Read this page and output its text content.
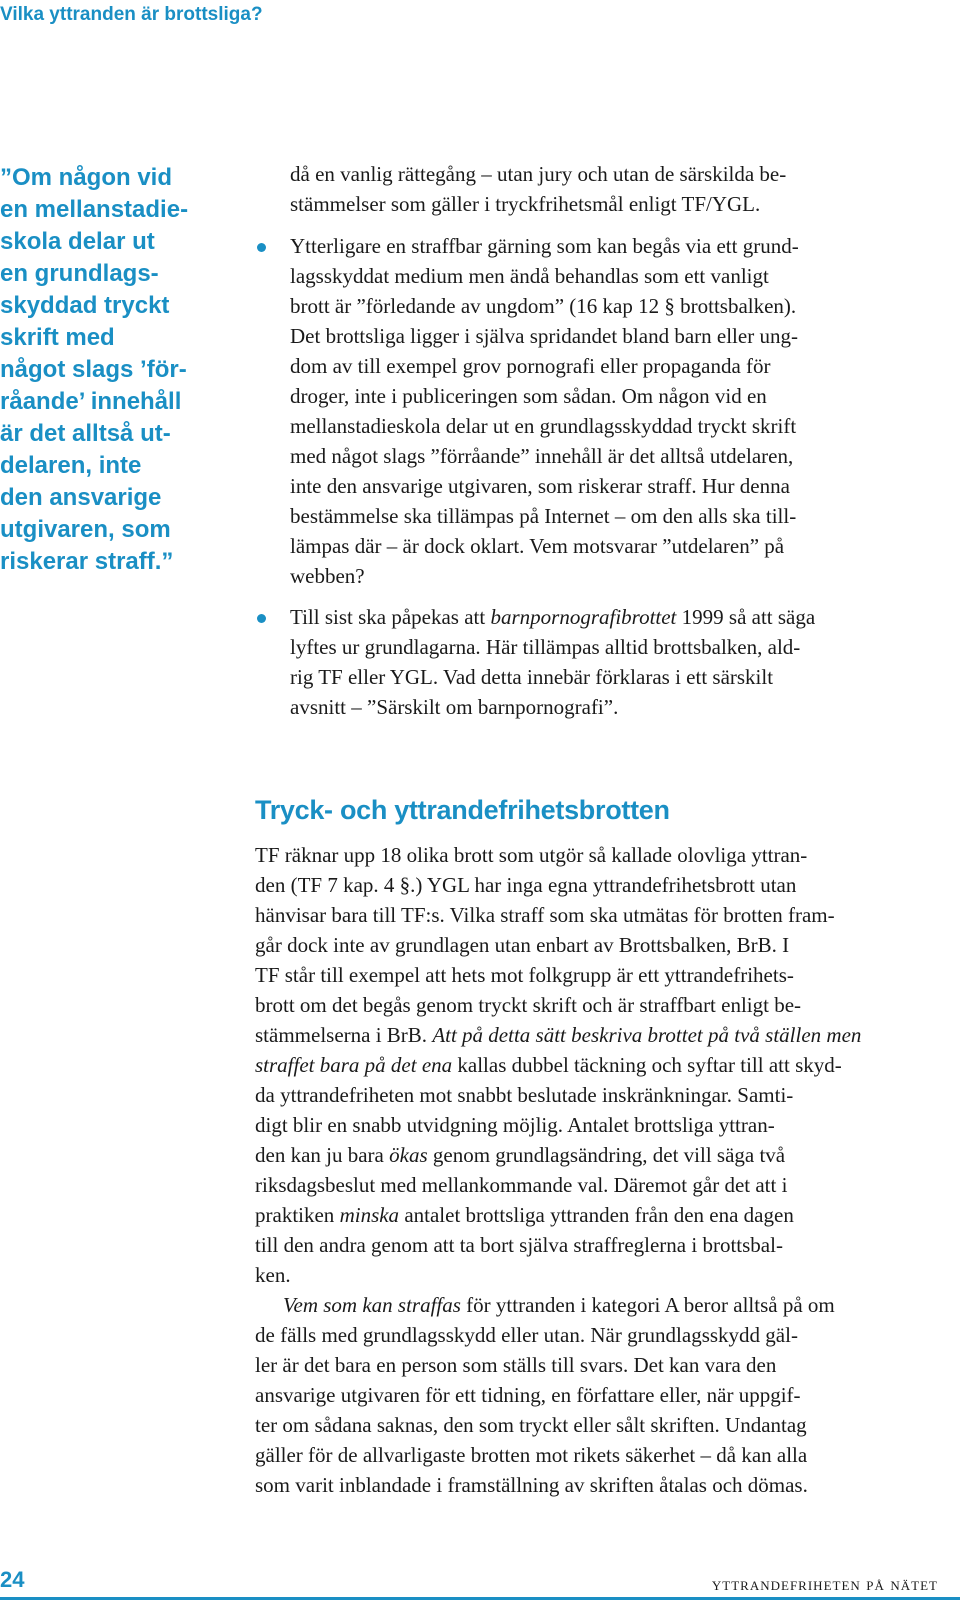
Vilka yttranden är brottsliga?
”Om någon vid
en mellanstadie-
skola delar ut
en grundlags-
skyddad tryckt
skrift med
något slags ’för-
råande’ innehåll
är det alltså ut-
delaren, inte
den ansvarige
utgivaren, som
riskerar straff.”
då en vanlig rättegång – utan jury och utan de särskilda be-
stämmelser som gäller i tryckfrihetsmål enligt TF/YGL.
Ytterligare en straffbar gärning som kan begås via ett grund-
lagsskyddat medium men ändå behandlas som ett vanligt
brott är ”förledande av ungdom” (16 kap 12 § brottsbalken).
Det brottsliga ligger i själva spridandet bland barn eller ung-
dom av till exempel grov pornografi eller propaganda för
droger, inte i publiceringen som sådan. Om någon vid en
mellanstadieskola delar ut en grundlagsskyddad tryckt skrift
med något slags ”förråande” innehåll är det alltså utdelaren,
inte den ansvarige utgivaren, som riskerar straff. Hur denna
bestämmelse ska tillämpas på Internet – om den alls ska till-
lämpas där – är dock oklart. Vem motsvarar ”utdelaren” på
webben?
Till sist ska påpekas att barnpornografibrottet 1999 så att säga
lyftes ur grundlagarna. Här tillämpas alltid brottsbalken, ald-
rig TF eller YGL. Vad detta innebär förklaras i ett särskilt
avsnitt – ”Särskilt om barnpornografi”.
Tryck- och yttrandefrihetsbrotten
TF räknar upp 18 olika brott som utgör så kallade olovliga yttran-
den (TF 7 kap. 4 §.) YGL har inga egna yttrandefrihetsbrott utan
hänvisar bara till TF:s. Vilka straff som ska utmätas för brotten fram-
går dock inte av grundlagen utan enbart av Brottsbalken, BrB. I
TF står till exempel att hets mot folkgrupp är ett yttrandefrihets-
brott om det begås genom tryckt skrift och är straffbart enligt be-
stämmelserna i BrB. Att på detta sätt beskriva brottet på två ställen men
straffet bara på det ena kallas dubbel täckning och syftar till att skyd-
da yttrandefriheten mot snabbt beslutade inskränkningar. Samti-
digt blir en snabb utvidgning möjlig. Antalet brottsliga yttran-
den kan ju bara ökas genom grundlagsändring, det vill säga två
riksdagsbeslut med mellankommande val. Däremot går det att i
praktiken minska antalet brottsliga yttranden från den ena dagen
till den andra genom att ta bort själva straffreglerna i brottsbal-
ken.
Vem som kan straffas för yttranden i kategori A beror alltså på om
de fälls med grundlagsskydd eller utan. När grundlagsskydd gäl-
ler är det bara en person som ställs till svars. Det kan vara den
ansvarige utgivaren för ett tidning, en författare eller, när uppgif-
ter om sådana saknas, den som tryckt eller sålt skriften. Undantag
gäller för de allvarligaste brotten mot rikets säkerhet – då kan alla
som varit inblandade i framställning av skriften åtalas och dömas.
24	yttrandefriheten på nätet
